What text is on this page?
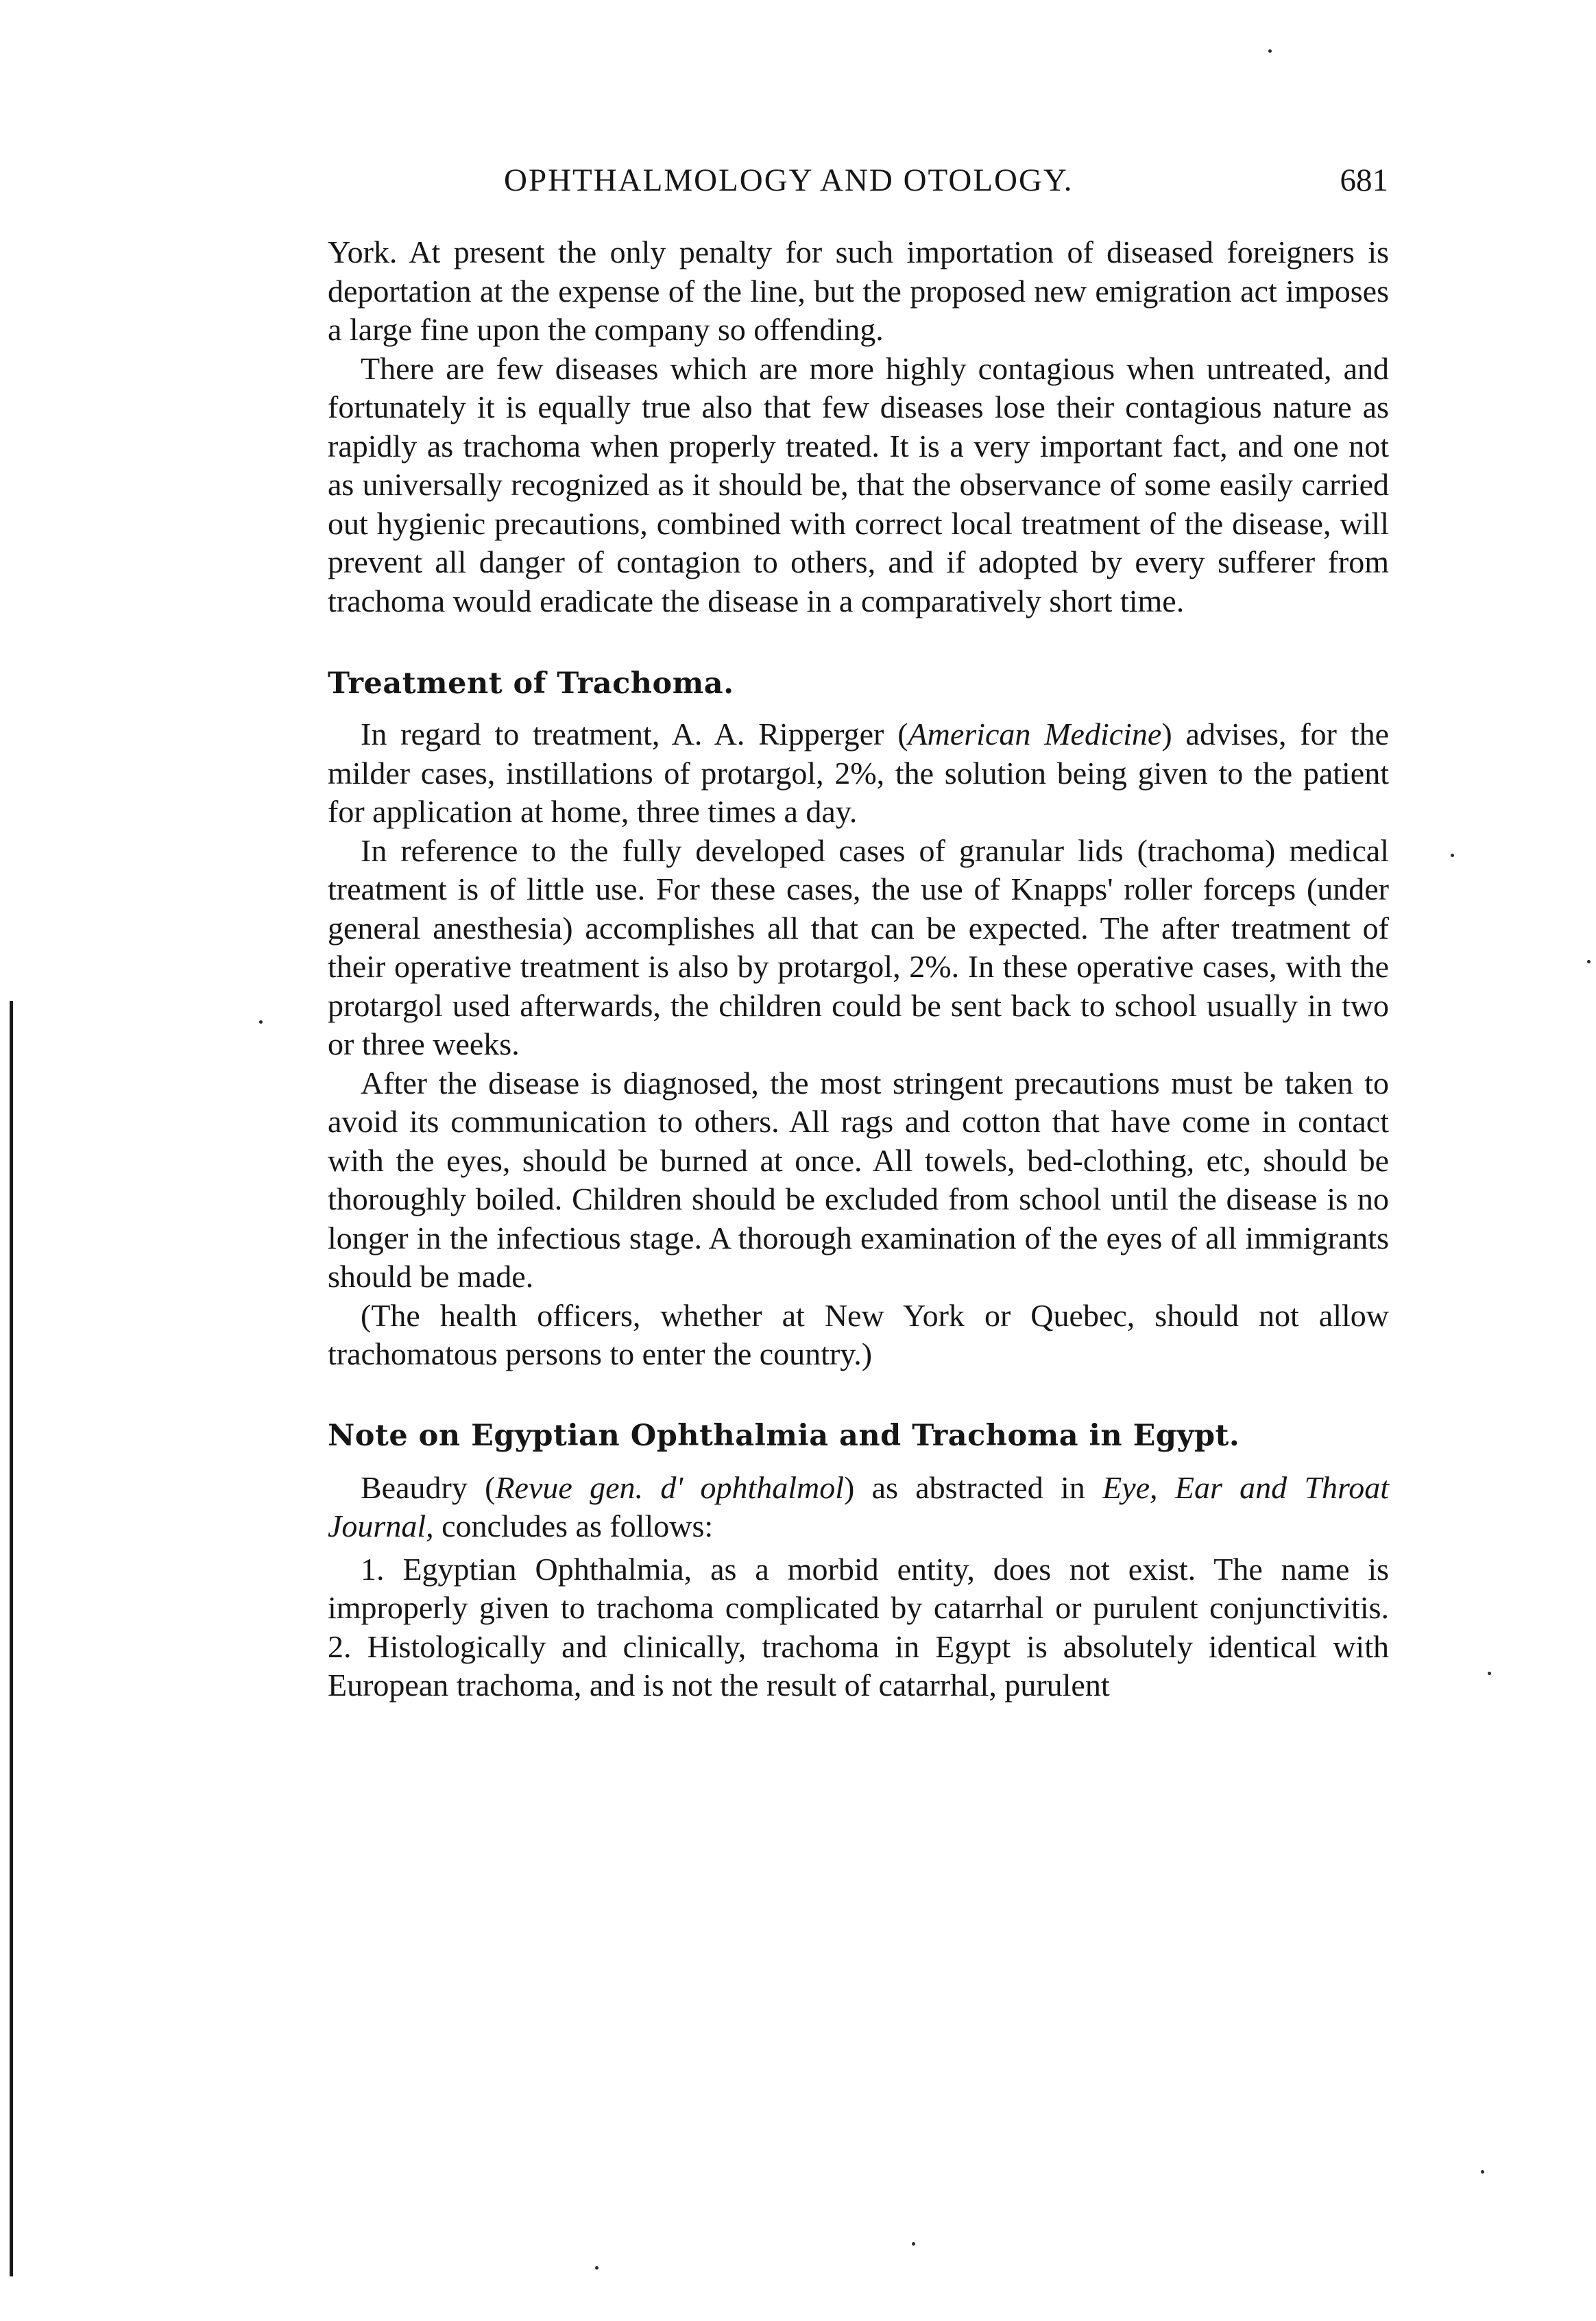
OPHTHALMOLOGY AND OTOLOGY.	681

York. At present the only penalty for such importation of diseased foreigners is deportation at the expense of the line, but the proposed new emigration act imposes a large fine upon the company so offending.

There are few diseases which are more highly contagious when untreated, and fortunately it is equally true also that few diseases lose their contagious nature as rapidly as trachoma when properly treated. It is a very important fact, and one not as universally recognized as it should be, that the observance of some easily carried out hygienic precautions, combined with correct local treatment of the disease, will prevent all danger of contagion to others, and if adopted by every sufferer from trachoma would eradicate the disease in a comparatively short time.

Treatment of Trachoma.

In regard to treatment, A. A. Ripperger (American Medicine) advises, for the milder cases, instillations of protargol, 2%, the solution being given to the patient for application at home, three times a day.

In reference to the fully developed cases of granular lids (trachoma) medical treatment is of little use. For these cases, the use of Knapps' roller forceps (under general anesthesia) accomplishes all that can be expected. The after treatment of their operative treatment is also by protargol, 2%. In these operative cases, with the protargol used afterwards, the children could be sent back to school usually in two or three weeks.

After the disease is diagnosed, the most stringent precautions must be taken to avoid its communication to others. All rags and cotton that have come in contact with the eyes, should be burned at once. All towels, bed-clothing, etc, should be thoroughly boiled. Children should be excluded from school until the disease is no longer in the infectious stage. A thorough examination of the eyes of all immigrants should be made.

(The health officers, whether at New York or Quebec, should not allow trachomatous persons to enter the country.)

Note on Egyptian Ophthalmia and Trachoma in Egypt.

Beaudry (Revue gen. d' ophthalmol) as abstracted in Eye, Ear and Throat Journal, concludes as follows:

1. Egyptian Ophthalmia, as a morbid entity, does not exist. The name is improperly given to trachoma complicated by catarrhal or purulent conjunctivitis. 2. Histologically and clinically, trachoma in Egypt is absolutely identical with European trachoma, and is not the result of catarrhal, purulent
